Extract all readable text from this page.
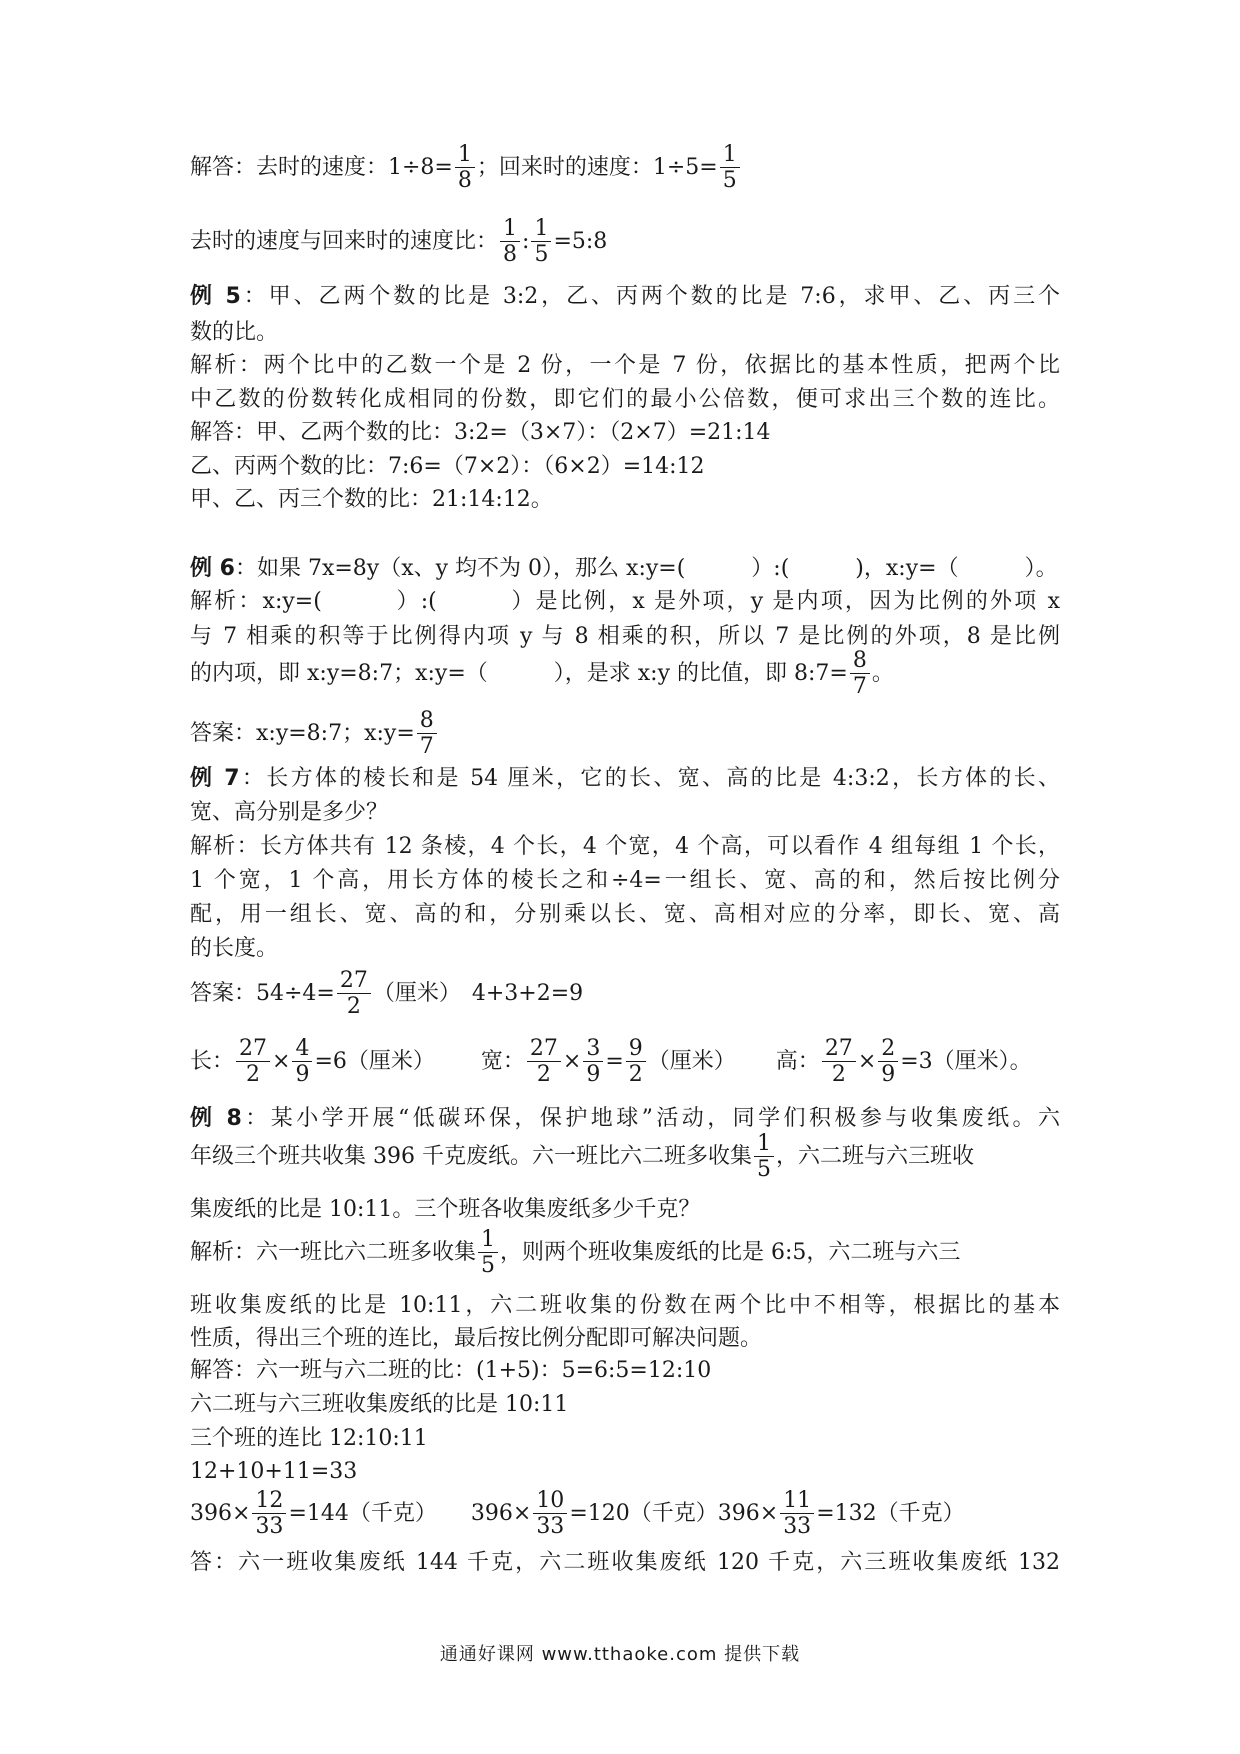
解答：去时的速度：$1\div 8= \frac{1}{8}$ ；回来时的速度：$1\div 5= \frac{1}{5}$
去时的速度与回来时的速度比： $\frac{1}{8}$ : $\frac{1}{5}$ =5:8
例 5：甲、乙两个数的比是 3:2，乙、丙两个数的比是 7:6，求甲、乙、丙三个
数的比。
解析：两个比中的乙数一个是 2 份，一个是 7 份，依据比的基本性质，把两个比
中乙数的份数转化成相同的份数，即它们的最小公倍数，便可求出三个数的连比。
解答：甲、乙两个数的比：3:2=（3×7）：（2×7）=21:14
乙、丙两个数的比：7:6=（7×2）：（6×2）=14:12
甲、乙、丙三个数的比：21:14:12。
例 6：如果 7x=8y（x、y 均不为 0），那么 x:y=(　　　）:(　　　)，x:y=（　　　）。
解析：x:y=(　　　）:(　　　）是比例，x 是外项，y 是内项，因为比例的外项 x
与 7 相乘的积等于比例得内项 y 与 8 相乘的积，所以 7 是比例的外项，8 是比例
的内项，即 x:y=8:7；x:y=（　　　），是求 x:y 的比值，即 8:7= $\frac{8}{7}$ 。
答案：x:y=8:7；x:y= $\frac{8}{7}$
例 7：长方体的棱长和是 54 厘米，它的长、宽、高的比是 4:3:2，长方体的长、
宽、高分别是多少？
解析：长方体共有 12 条棱，4 个长，4 个宽，4 个高，可以看作 4 组每组 1 个长，
1 个宽，1 个高，用长方体的棱长之和÷4=一组长、宽、高的和，然后按比例分
配，用一组长、宽、高的和，分别乘以长、宽、高相对应的分率，即长、宽、高
的长度。
答案：$54\div 4= \frac{27}{2}$ （厘米）　4+3+2=9
长： $\frac{27}{2} \times \frac{4}{9} =6$（厘米） 宽： $\frac{27}{2} \times \frac{3}{9} = \frac{9}{2}$ （厘米） 高： $\frac{27}{2} \times \frac{2}{9} =3$（厘米）。
例 8：某小学开展“低碳环保，保护地球”活动，同学们积极参与收集废纸。六
年级三个班共收集 396 千克废纸。六一班比六二班多收集 $\frac{1}{5}$ ，六二班与六三班收
集废纸的比是 10:11。三个班各收集废纸多少千克？
解析：六一班比六二班多收集 $\frac{1}{5}$ ，则两个班收集废纸的比是 6:5，六二班与六三
班收集废纸的比是 10:11，六二班收集的份数在两个比中不相等，根据比的基本
性质，得出三个班的连比，最后按比例分配即可解决问题。
解答：六一班与六二班的比：(1+5)：5=6:5=12:10
六二班与六三班收集废纸的比是 10:11
三个班的连比 12:10:11
12+10+11=33
$396\times \frac{12}{33} =144$（千克） $396\times \frac{10}{33} =120$（千克）$396\times \frac{11}{33} =132$（千克）
答：六一班收集废纸 144 千克，六二班收集废纸 120 千克，六三班收集废纸 132
通通好课网 www.tthaoke.com 提供下载
